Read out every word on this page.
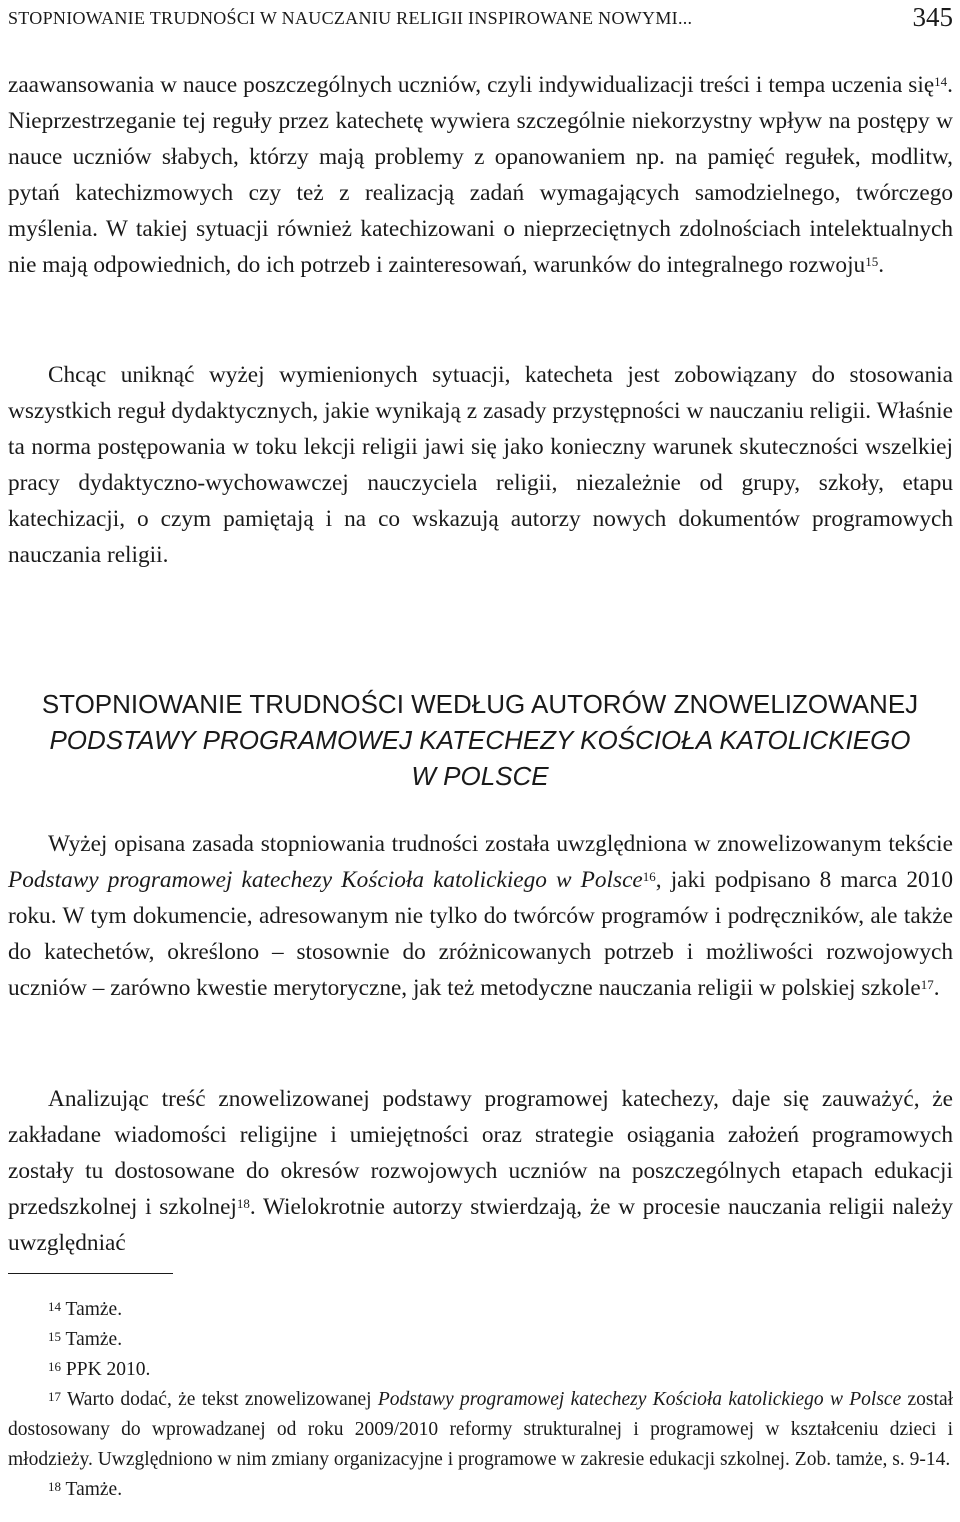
STOPNIOWANIE TRUDNOŚCI W NAUCZANIU RELIGII INSPIROWANE NOWYMI...	345
zaawansowania w nauce poszczególnych uczniów, czyli indywidualizacji treści i tempa uczenia się$^{14}$. Nieprzestrzeganie tej reguły przez katechetę wywiera szczególnie niekorzystny wpływ na postępy w nauce uczniów słabych, którzy mają problemy z opanowaniem np. na pamięć regułek, modlitw, pytań katechizmowych czy też z realizacją zadań wymagających samodzielnego, twórczego myślenia. W takiej sytuacji również katechizowani o nieprzeciętnych zdolnościach intelektualnych nie mają odpowiednich, do ich potrzeb i zainteresowań, warunków do integralnego rozwoju$^{15}$.
Chcąc uniknąć wyżej wymienionych sytuacji, katecheta jest zobowiązany do stosowania wszystkich reguł dydaktycznych, jakie wynikają z zasady przystępności w nauczaniu religii. Właśnie ta norma postępowania w toku lekcji religii jawi się jako konieczny warunek skuteczności wszelkiej pracy dydaktyczno-wychowawczej nauczyciela religii, niezależnie od grupy, szkoły, etapu katechizacji, o czym pamiętają i na co wskazują autorzy nowych dokumentów programowych nauczania religii.
STOPNIOWANIE TRUDNOŚCI WEDŁUG AUTORÓW ZNOWELIZOWANEJ
PODSTAWY PROGRAMOWEJ KATECHEZY KOŚCIOŁA KATOLICKIEGO
W POLSCE
Wyżej opisana zasada stopniowania trudności została uwzględniona w znowelizowanym tekście Podstawy programowej katechezy Kościoła katolickiego w Polsce$^{16}$, jaki podpisano 8 marca 2010 roku. W tym dokumencie, adresowanym nie tylko do twórców programów i podręczników, ale także do katechetów, określono – stosownie do zróżnicowanych potrzeb i możliwości rozwojowych uczniów – zarówno kwestie merytoryczne, jak też metodyczne nauczania religii w polskiej szkole$^{17}$.
Analizując treść znowelizowanej podstawy programowej katechezy, daje się zauważyć, że zakładane wiadomości religijne i umiejętności oraz strategie osiągania założeń programowych zostały tu dostosowane do okresów rozwojowych uczniów na poszczególnych etapach edukacji przedszkolnej i szkolnej$^{18}$. Wielokrotnie autorzy stwierdzają, że w procesie nauczania religii należy uwzględniać
$^{14}$ Tamże.
$^{15}$ Tamże.
$^{16}$ PPK 2010.
$^{17}$ Warto dodać, że tekst znowelizowanej Podstawy programowej katechezy Kościoła katolickiego w Polsce został dostosowany do wprowadzanej od roku 2009/2010 reformy strukturalnej i programowej w kształceniu dzieci i młodzieży. Uwzględniono w nim zmiany organizacyjne i programowe w zakresie edukacji szkolnej. Zob. tamże, s. 9-14.
$^{18}$ Tamże.
